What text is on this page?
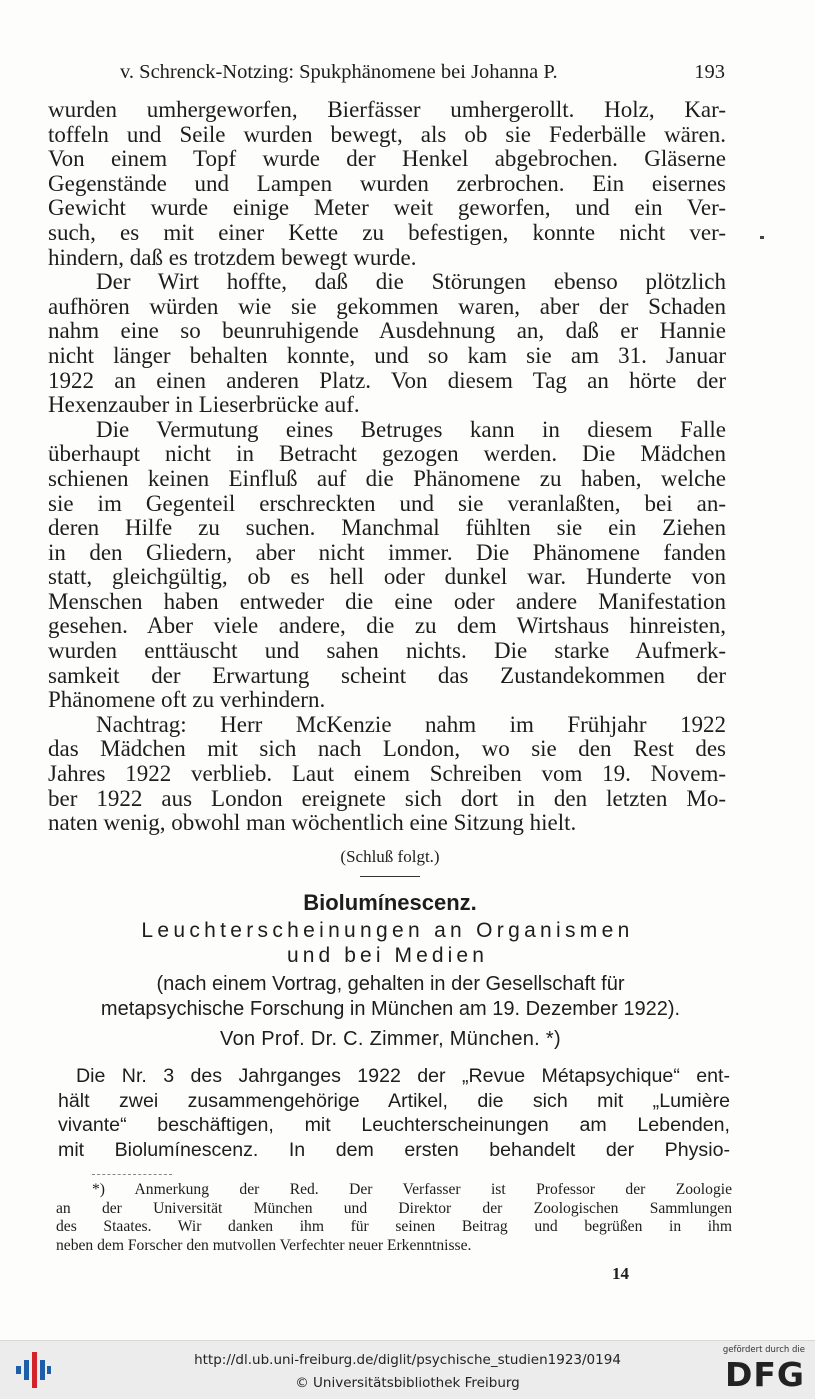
v. Schrenck-Notzing: Spukphänomene bei Johanna P.	193
wurden umhergeworfen, Bierfässer umhergerollt. Holz, Kar-
toffeln und Seile wurden bewegt, als ob sie Federbälle wären.
Von einem Topf wurde der Henkel abgebrochen. Gläserne
Gegenstände und Lampen wurden zerbrochen. Ein eisernes
Gewicht wurde einige Meter weit geworfen, und ein Ver-
such, es mit einer Kette zu befestigen, konnte nicht ver-
hindern, daß es trotzdem bewegt wurde.
Der Wirt hoffte, daß die Störungen ebenso plötzlich
aufhören würden wie sie gekommen waren, aber der Schaden
nahm eine so beunruhigende Ausdehnung an, daß er Hannie
nicht länger behalten konnte, und so kam sie am 31. Januar
1922 an einen anderen Platz. Von diesem Tag an hörte der
Hexenzauber in Lieserbrücke auf.
Die Vermutung eines Betruges kann in diesem Falle
überhaupt nicht in Betracht gezogen werden. Die Mädchen
schienen keinen Einfluß auf die Phänomene zu haben, welche
sie im Gegenteil erschreckten und sie veranlaßten, bei an-
deren Hilfe zu suchen. Manchmal fühlten sie ein Ziehen
in den Gliedern, aber nicht immer. Die Phänomene fanden
statt, gleichgültig, ob es hell oder dunkel war. Hunderte von
Menschen haben entweder die eine oder andere Manifestation
gesehen. Aber viele andere, die zu dem Wirtshaus hinreisten,
wurden enttäuscht und sahen nichts. Die starke Aufmerk-
samkeit der Erwartung scheint das Zustandekommen der
Phänomene oft zu verhindern.
Nachtrag: Herr McKenzie nahm im Frühjahr 1922
das Mädchen mit sich nach London, wo sie den Rest des
Jahres 1922 verblieb. Laut einem Schreiben vom 19. Novem-
ber 1922 aus London ereignete sich dort in den letzten Mo-
naten wenig, obwohl man wöchentlich eine Sitzung hielt.
(Schluß folgt.)
Biolumínescenz.
Leuchterscheinungen an Organismen
und bei Medien
(nach einem Vortrag, gehalten in der Gesellschaft für
metapsychische Forschung in München am 19. Dezember 1922).
Von Prof. Dr. C. Zimmer, München. *)
Die Nr. 3 des Jahrganges 1922 der „Revue Métapsychique“ ent-
hält zwei zusammengehörige Artikel, die sich mit „Lumière
vivante“ beschäftigen, mit Leuchterscheinungen am Lebenden,
mit Biolumínescenz. In dem ersten behandelt der Physio-
*) Anmerkung der Red. Der Verfasser ist Professor der Zoologie
an der Universität München und Direktor der Zoologischen Sammlungen
des Staates. Wir danken ihm für seinen Beitrag und begrüßen in ihm
neben dem Forscher den mutvollen Verfechter neuer Erkenntnisse.
14
http://dl.ub.uni-freiburg.de/diglit/psychische_studien1923/0194
© Universitätsbibliothek Freiburg
gefördert durch die
DFG
